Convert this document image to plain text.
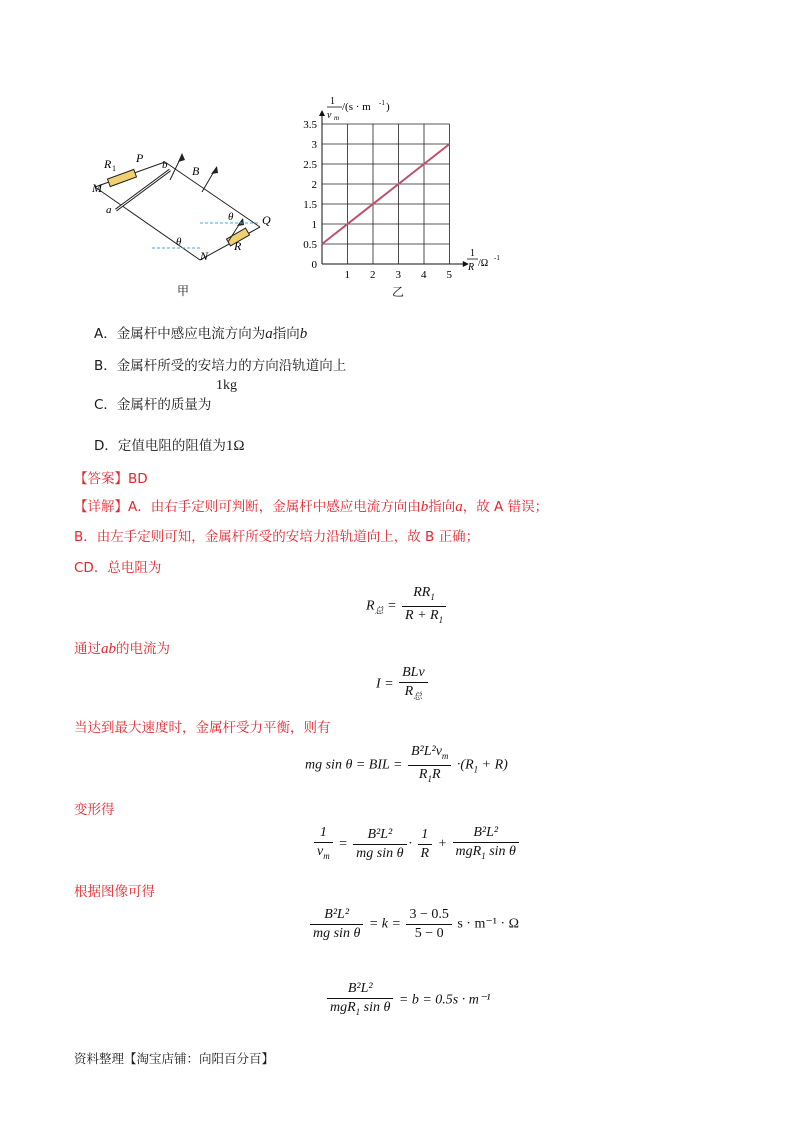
M
P
N
Q
R 1
R
a
b B
θ
θ
甲
1 2 3 4 5
0
0.5
1
1.5
2
2.5
3
3.5
1
v m
/(s · m -1 )
1
R /Ω -1
乙
A．金属杆中感应电流方向为a指向b
B．金属杆所受的安培力的方向沿轨道向上
C．金属杆的质量为
1kg
D．定值电阻的阻值为1Ω
【答案】BD
【详解】A．由右手定则可判断，金属杆中感应电流方向由b指向a，故 A 错误；
B．由左手定则可知，金属杆所受的安培力沿轨道向上，故 B 正确；
CD．总电阻为
$R_总 = \frac{RR_1}{R + R_1}$
通过ab的电流为
$I = \frac{\text{BLv}}{R_总}$
当达到最大速度时，金属杆受力平衡，则有
mg sin θ = BIL = $\frac{B^2L^2v_m}{R_1R} \cdot(R_1 + R)$
变形得
$\frac{1}{v_m} = \frac{\text{B²L²}}{\text{mg sin θ}} \cdot \frac{1}{R} + \frac{\text{B²L²}}{mgR_1 \sin \theta}$
根据图像可得
$\frac{\text{B²L²}}{\text{mg sin θ}} = k = \frac{3 - 0.5}{5 - 0}$ s · m⁻¹ · Ω
$\frac{\text{B²L²}}{mgR_1 \sin \theta} = b = 0.5s \cdot m^{-1}$
资料整理【淘宝店铺：向阳百分百】
